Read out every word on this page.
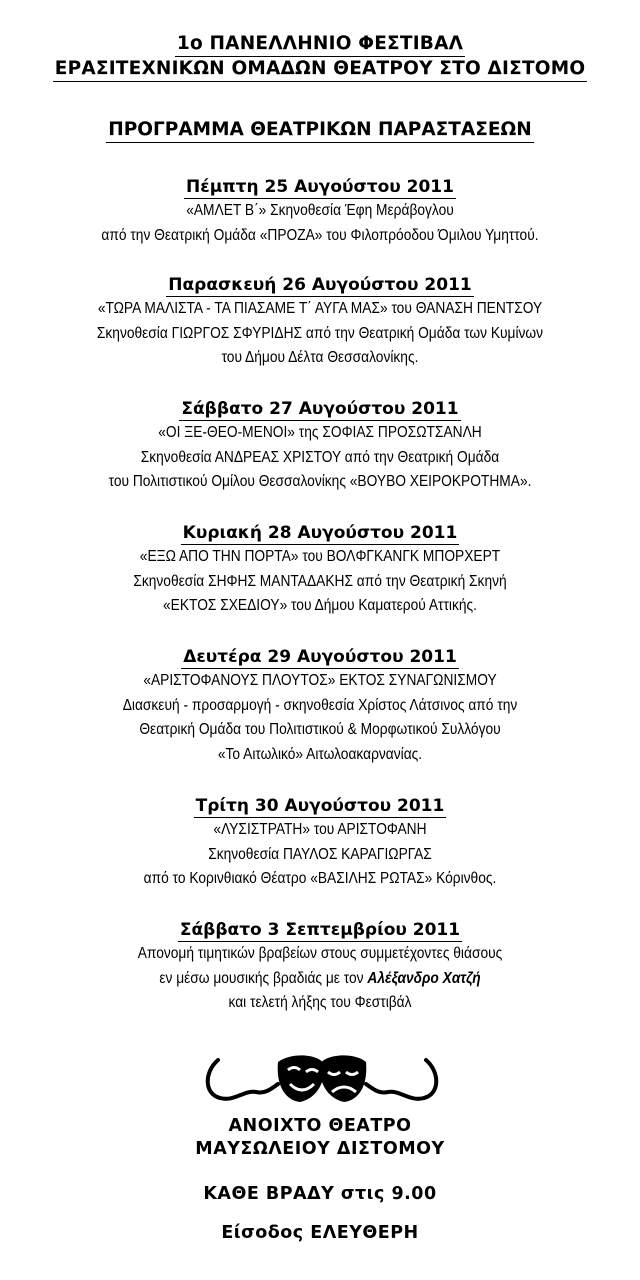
1ο ΠΑΝΕΛΛΗΝΙΟ ΦΕΣΤΙΒΑΛ
ΕΡΑΣΙΤΕΧΝΙΚΩΝ ΟΜΑΔΩΝ ΘΕΑΤΡΟΥ ΣΤΟ ΔΙΣΤΟΜΟ
ΠΡΟΓΡΑΜΜΑ ΘΕΑΤΡΙΚΩΝ ΠΑΡΑΣΤΑΣΕΩΝ
Πέμπτη 25 Αυγούστου 2011
«ΑΜΛΕΤ Β΄» Σκηνοθεσία Έφη Μεράβογλου
από την Θεατρική Ομάδα «ΠΡΟΖΑ» του Φιλοπρόοδου Όμιλου Υμηττού.
Παρασκευή 26 Αυγούστου 2011
«ΤΩΡΑ ΜΑΛΙΣΤΑ - ΤΑ ΠΙΑΣΑΜΕ Τ΄ ΑΥΓΑ ΜΑΣ» του ΘΑΝΑΣΗ ΠΕΝΤΣΟΥ
Σκηνοθεσία ΓΙΩΡΓΟΣ ΣΦΥΡΙΔΗΣ από την Θεατρική Ομάδα των Κυμίνων
του Δήμου Δέλτα Θεσσαλονίκης.
Σάββατο 27 Αυγούστου 2011
«ΟΙ ΞΕ-ΘΕΟ-ΜΕΝΟΙ» της ΣΟΦΙΑΣ ΠΡΟΣΩΤΣΑΝΛΗ
Σκηνοθεσία ΑΝΔΡΕΑΣ ΧΡΙΣΤΟΥ από την Θεατρική Ομάδα
του Πολιτιστικού Ομίλου Θεσσαλονίκης «ΒΟΥΒΟ ΧΕΙΡΟΚΡΟΤΗΜΑ».
Κυριακή 28 Αυγούστου 2011
«ΕΞΩ ΑΠΟ ΤΗΝ ΠΟΡΤΑ» του ΒΟΛΦΓΚΑΝΓΚ ΜΠΟΡΧΕΡΤ
Σκηνοθεσία ΣΗΦΗΣ ΜΑΝΤΑΔΑΚΗΣ από την Θεατρική Σκηνή
«ΕΚΤΟΣ ΣΧΕΔΙΟΥ» του Δήμου Καματερού Αττικής.
Δευτέρα 29 Αυγούστου 2011
«ΑΡΙΣΤΟΦΑΝΟΥΣ ΠΛΟΥΤΟΣ» ΕΚΤΟΣ ΣΥΝΑΓΩΝΙΣΜΟΥ
Διασκευή - προσαρμογή - σκηνοθεσία Χρίστος Λάτσινος από την
Θεατρική Ομάδα του Πολιτιστικού & Μορφωτικού Συλλόγου
«Το Αιτωλικό» Αιτωλοακαρνανίας.
Τρίτη 30 Αυγούστου 2011
«ΛΥΣΙΣΤΡΑΤΗ» του ΑΡΙΣΤΟΦΑΝΗ
Σκηνοθεσία ΠΑΥΛΟΣ ΚΑΡΑΓΙΩΡΓΑΣ
από το Κορινθιακό Θέατρο «ΒΑΣΙΛΗΣ ΡΩΤΑΣ» Κόρινθος.
Σάββατο 3 Σεπτεμβρίου 2011
Απονομή τιμητικών βραβείων στους συμμετέχοντες θιάσους
εν μέσω μουσικής βραδιάς με τον Αλέξανδρο Χατζή
και τελετή λήξης του Φεστιβάλ
ΑΝΟΙΧΤΟ ΘΕΑΤΡΟ
ΜΑΥΣΩΛΕΙΟΥ ΔΙΣΤΟΜΟΥ
ΚΑΘΕ ΒΡΑΔΥ στις 9.00
Είσοδος ΕΛΕΥΘΕΡΗ
